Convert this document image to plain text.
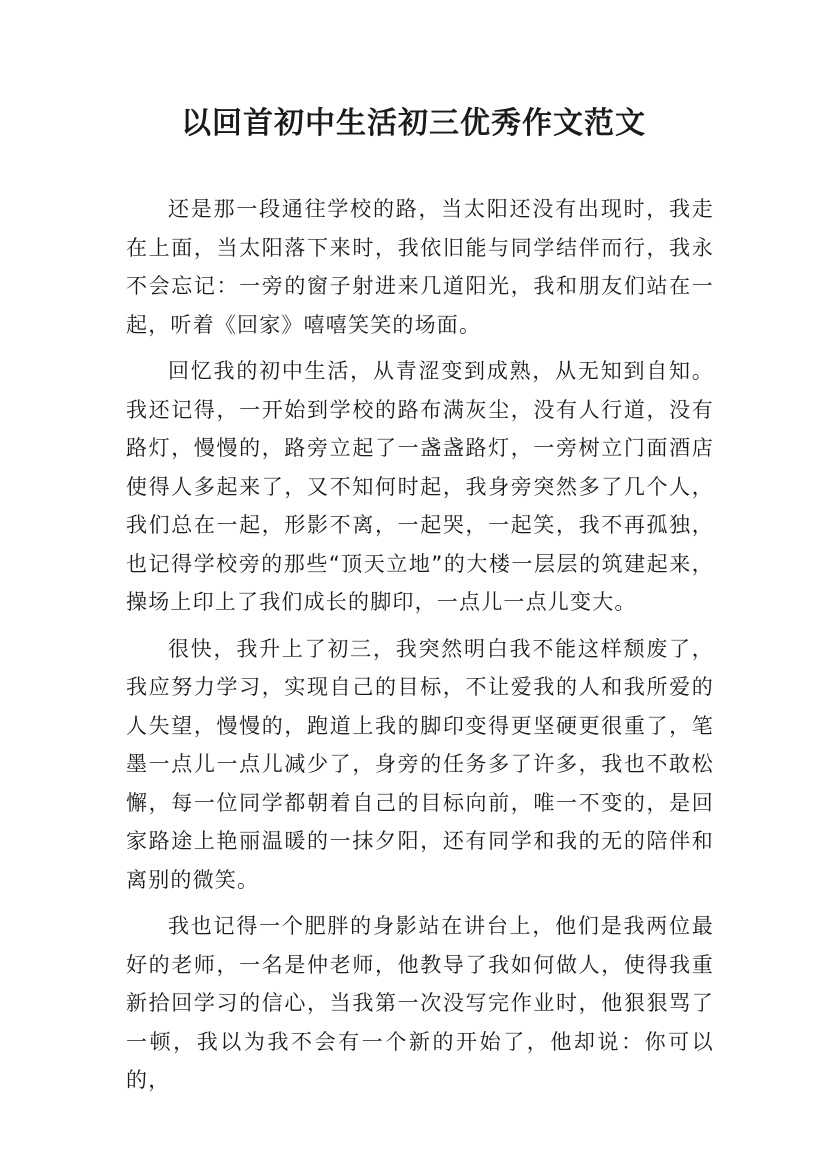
以回首初中生活初三优秀作文范文

还是那一段通往学校的路，当太阳还没有出现时，我走在上面，当太阳落下来时，我依旧能与同学结伴而行，我永不会忘记：一旁的窗子射进来几道阳光，我和朋友们站在一起，听着《回家》嘻嘻笑笑的场面。

回忆我的初中生活，从青涩变到成熟，从无知到自知。我还记得，一开始到学校的路布满灰尘，没有人行道，没有路灯，慢慢的，路旁立起了一盏盏路灯，一旁树立门面酒店使得人多起来了，又不知何时起，我身旁突然多了几个人，我们总在一起，形影不离，一起哭，一起笑，我不再孤独，也记得学校旁的那些“顶天立地”的大楼一层层的筑建起来，操场上印上了我们成长的脚印，一点儿一点儿变大。

很快，我升上了初三，我突然明白我不能这样颓废了，我应努力学习，实现自己的目标，不让爱我的人和我所爱的人失望，慢慢的，跑道上我的脚印变得更坚硬更很重了，笔墨一点儿一点儿减少了，身旁的任务多了许多，我也不敢松懈，每一位同学都朝着自己的目标向前，唯一不变的，是回家路途上艳丽温暖的一抹夕阳，还有同学和我的无的陪伴和离别的微笑。

我也记得一个肥胖的身影站在讲台上，他们是我两位最好的老师，一名是仲老师，他教导了我如何做人，使得我重新拾回学习的信心，当我第一次没写完作业时，他狠狠骂了一顿，我以为我不会有一个新的开始了，他却说：你可以的，
